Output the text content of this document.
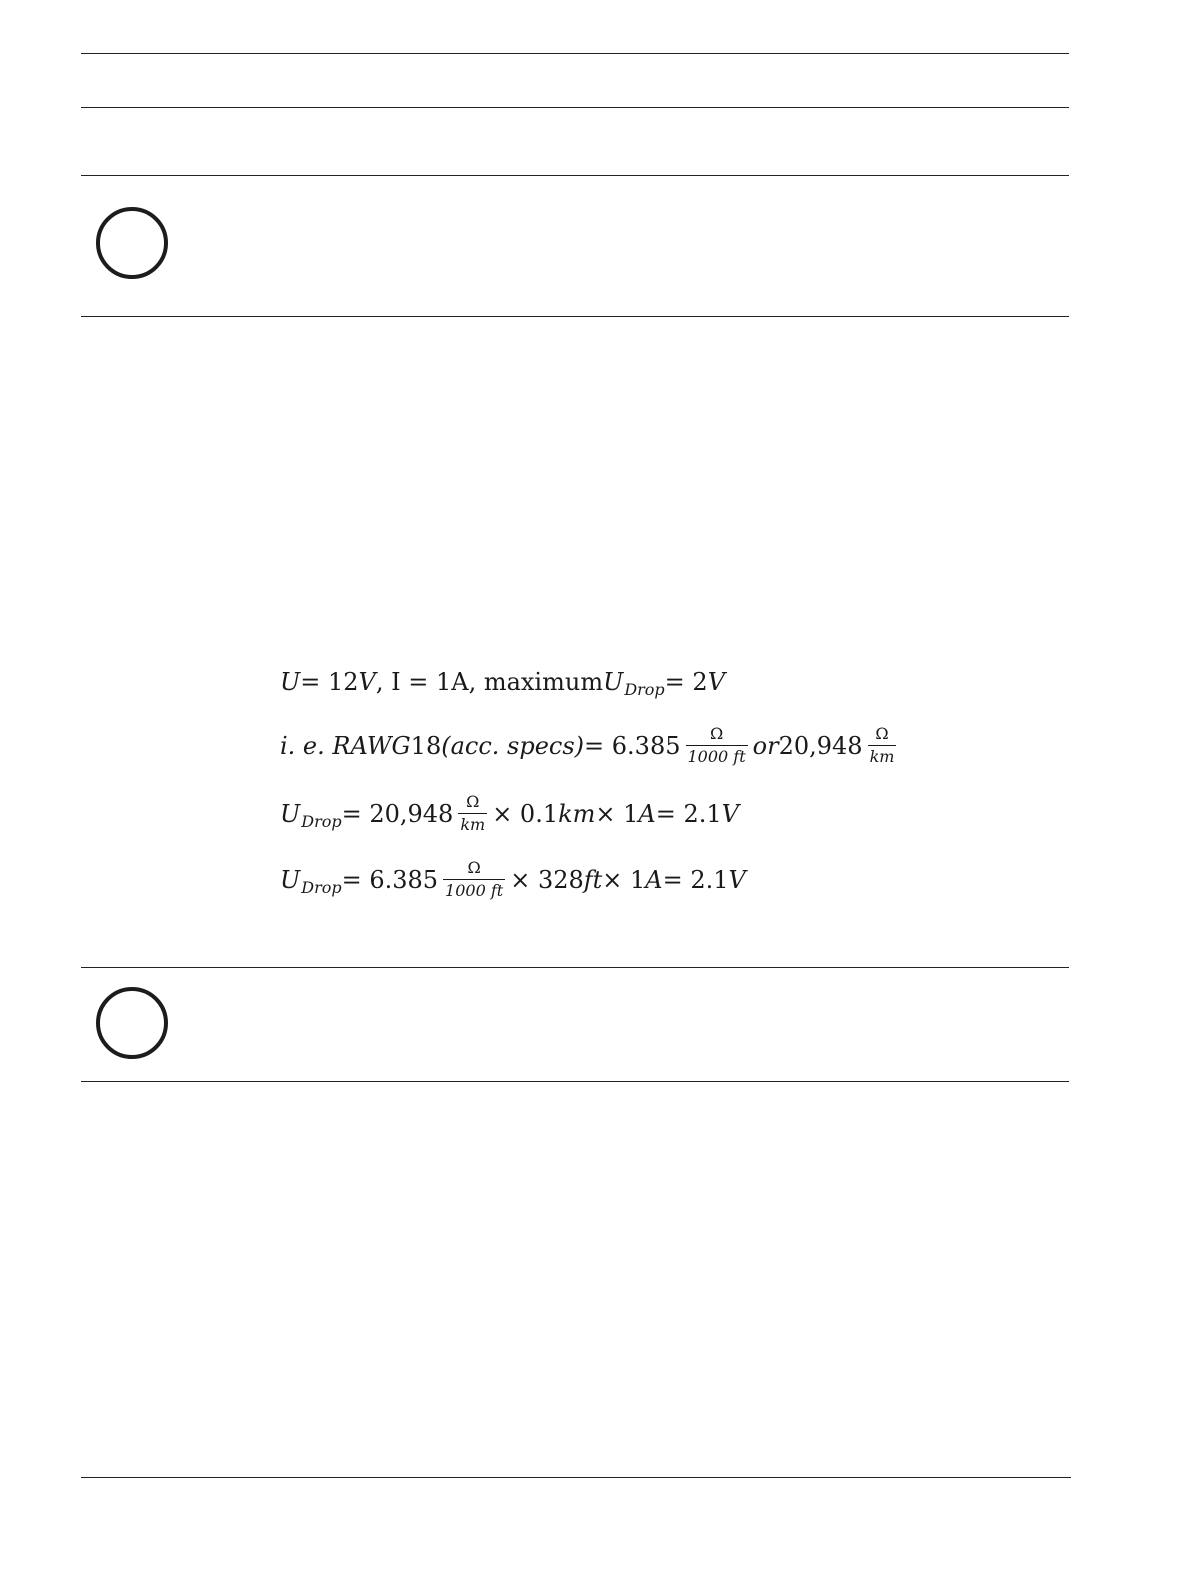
U = 12 V , I = 1A, maximum U Drop = 2 V
i. e. RAWG 18 (acc. specs) = $6.385 \frac{\Omega}{1000 ft}$ or $20,948 \frac{\Omega}{km}$
U Drop = $20,948 \frac{\Omega}{km} \times 0.1$ km × 1 A = 2.1 V
U Drop = $6.385 \frac{\Omega}{1000 ft} \times 328$ ft × 1 A = 2.1 V
